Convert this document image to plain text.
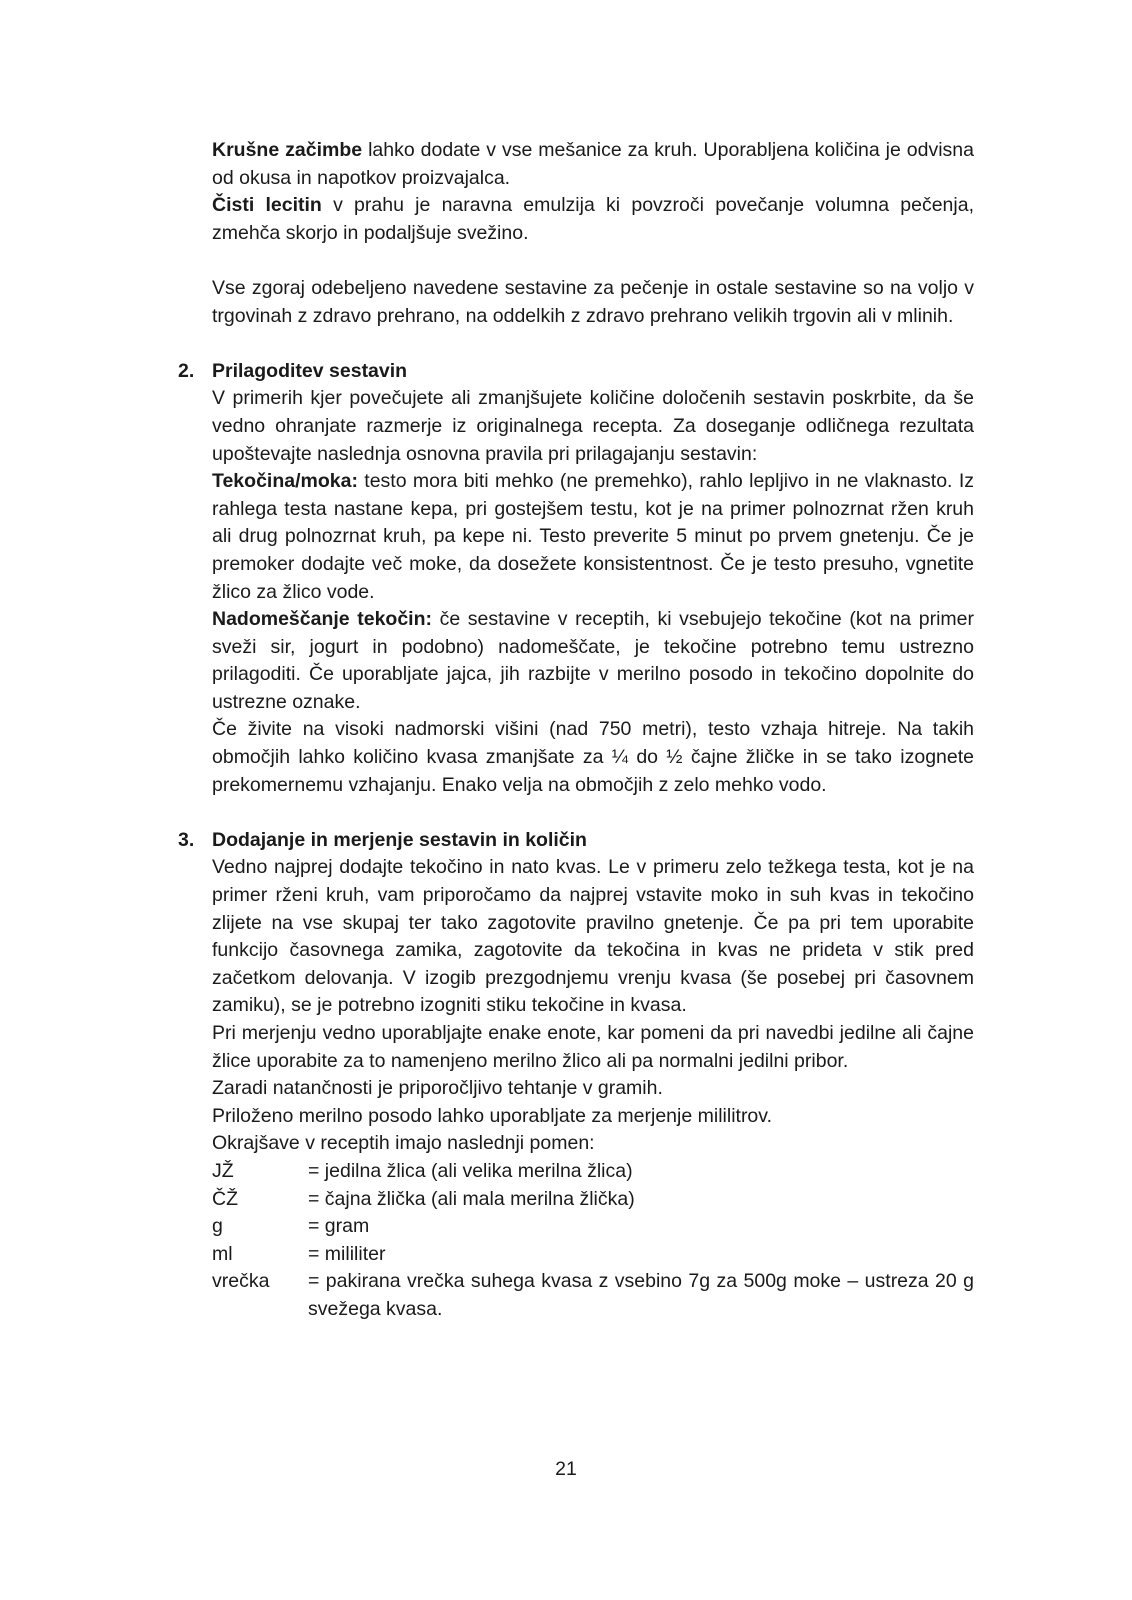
Krušne začimbe lahko dodate v vse mešanice za kruh. Uporabljena količina je odvisna od okusa in napotkov proizvajalca.

Čisti lecitin v prahu je naravna emulzija ki povzroči povečanje volumna pečenja, zmehča skorjo in podaljšuje svežino.

Vse zgoraj odebeljeno navedene sestavine za pečenje in ostale sestavine so na voljo v trgovinah z zdravo prehrano, na oddelkih z zdravo prehrano velikih trgovin ali v mlinih.

2. Prilagoditev sestavin

V primerih kjer povečujete ali zmanjšujete količine določenih sestavin poskrbite, da še vedno ohranjate razmerje iz originalnega recepta. Za doseganje odličnega rezultata upoštevajte naslednja osnovna pravila pri prilagajanju sestavin:

Tekočina/moka: testo mora biti mehko (ne premehko), rahlo lepljivo in ne vlaknasto. Iz rahlega testa nastane kepa, pri gostejšem testu, kot je na primer polnozrnat ržen kruh ali drug polnozrnat kruh, pa kepe ni. Testo preverite 5 minut po prvem gnetenju. Če je premoker dodajte več moke, da dosežete konsistentnost. Če je testo presuho, vgnetite žlico za žlico vode.

Nadomeščanje tekočin: če sestavine v receptih, ki vsebujejo tekočine (kot na primer sveži sir, jogurt in podobno) nadomeščate, je tekočine potrebno temu ustrezno prilagoditi. Če uporabljate jajca, jih razbijte v merilno posodo in tekočino dopolnite do ustrezne oznake.

Če živite na visoki nadmorski višini (nad 750 metri), testo vzhaja hitreje. Na takih območjih lahko količino kvasa zmanjšate za ¼ do ½ čajne žličke in se tako izognete prekomernemu vzhajanju. Enako velja na območjih z zelo mehko vodo.

3. Dodajanje in merjenje sestavin in količin

Vedno najprej dodajte tekočino in nato kvas. Le v primeru zelo težkega testa, kot je na primer rženi kruh, vam priporočamo da najprej vstavite moko in suh kvas in tekočino zlijete na vse skupaj ter tako zagotovite pravilno gnetenje. Če pa pri tem uporabite funkcijo časovnega zamika, zagotovite da tekočina in kvas ne prideta v stik pred začetkom delovanja. V izogib prezgodnjemu vrenju kvasa (še posebej pri časovnem zamiku), se je potrebno izogniti stiku tekočine in kvasa.

Pri merjenju vedno uporabljajte enake enote, kar pomeni da pri navedbi jedilne ali čajne žlice uporabite za to namenjeno merilno žlico ali pa normalni jedilni pribor.

Zaradi natančnosti je priporočljivo tehtanje v gramih.

Priloženo merilno posodo lahko uporabljate za merjenje mililitrov.

Okrajšave v receptih imajo naslednji pomen:

JŽ	= jedilna žlica (ali velika merilna žlica)
ČŽ	= čajna žlička (ali mala merilna žlička)
g	= gram
ml	= mililiter
vrečka	= pakirana vrečka suhega kvasa z vsebino 7g za 500g moke – ustreza 20 g svežega kvasa.
21
